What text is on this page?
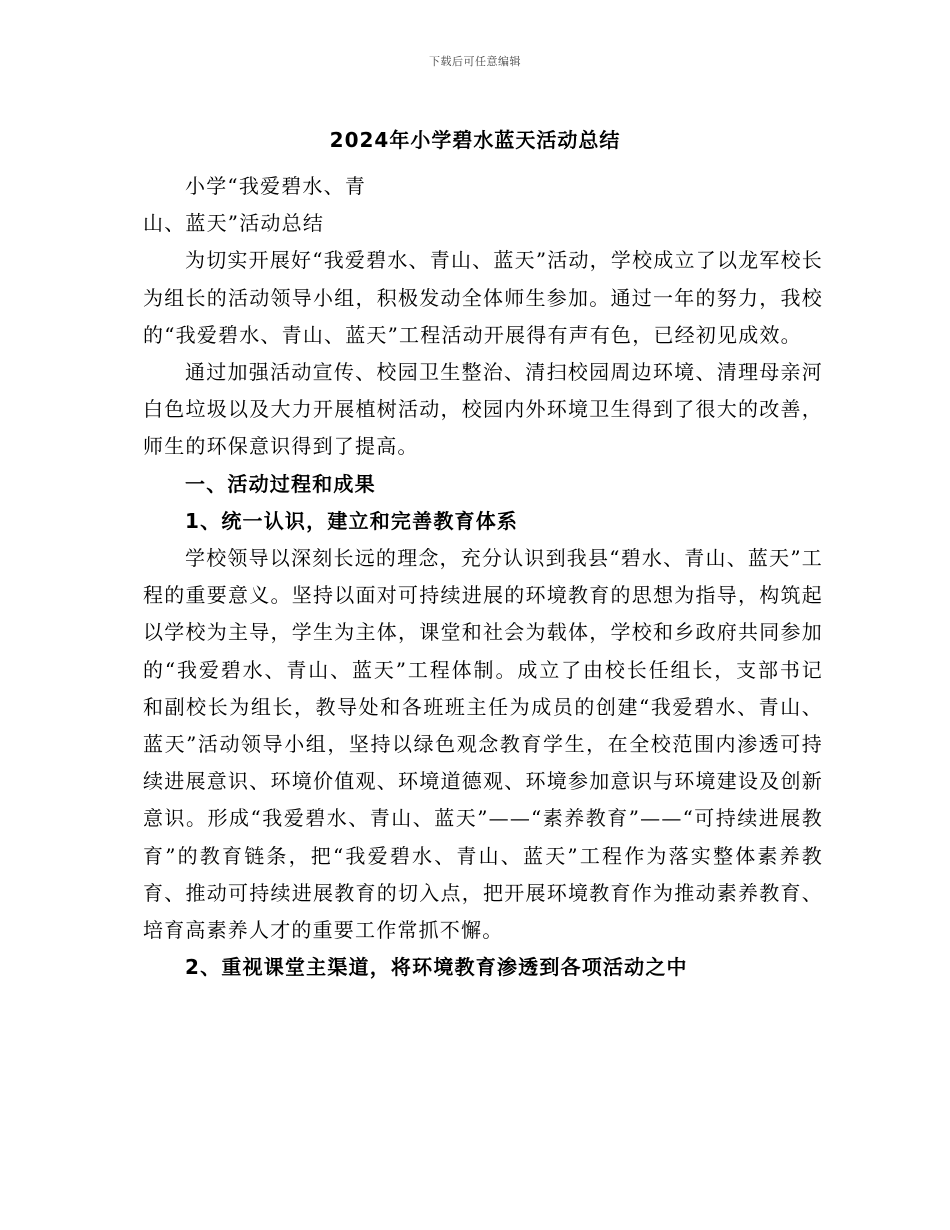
下载后可任意编辑
2024年小学碧水蓝天活动总结
小学“我爱碧水、青
山、蓝天”活动总结
为切实开展好“我爱碧水、青山、蓝天”活动，学校成立了以龙军校长为组长的活动领导小组，积极发动全体师生参加。通过一年的努力，我校的“我爱碧水、青山、蓝天”工程活动开展得有声有色，已经初见成效。
通过加强活动宣传、校园卫生整治、清扫校园周边环境、清理母亲河白色垃圾以及大力开展植树活动，校园内外环境卫生得到了很大的改善，师生的环保意识得到了提高。
一、活动过程和成果
1、统一认识，建立和完善教育体系
学校领导以深刻长远的理念，充分认识到我县“碧水、青山、蓝天”工程的重要意义。坚持以面对可持续进展的环境教育的思想为指导，构筑起以学校为主导，学生为主体，课堂和社会为载体，学校和乡政府共同参加的“我爱碧水、青山、蓝天”工程体制。成立了由校长任组长，支部书记和副校长为组长，教导处和各班班主任为成员的创建“我爱碧水、青山、蓝天”活动领导小组，坚持以绿色观念教育学生，在全校范围内渗透可持续进展意识、环境价值观、环境道德观、环境参加意识与环境建设及创新意识。形成“我爱碧水、青山、蓝天”——“素养教育”——“可持续进展教育”的教育链条，把“我爱碧水、青山、蓝天”工程作为落实整体素养教育、推动可持续进展教育的切入点，把开展环境教育作为推动素养教育、培育高素养人才的重要工作常抓不懈。
2、重视课堂主渠道，将环境教育渗透到各项活动之中
